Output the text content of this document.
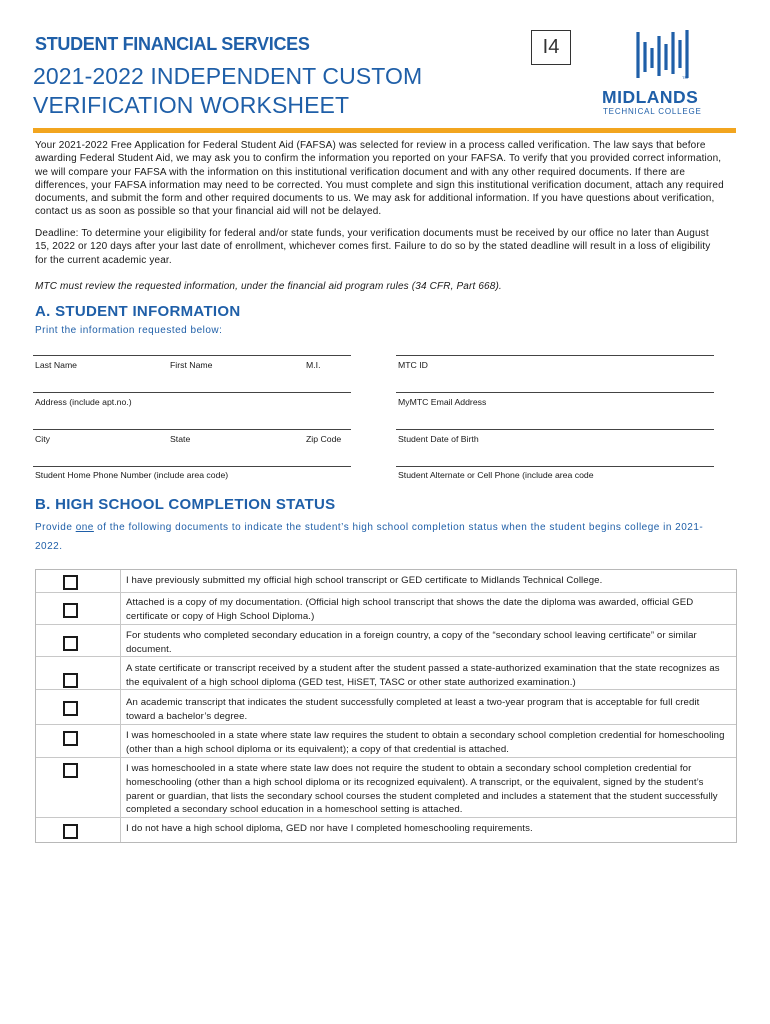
STUDENT FINANCIAL SERVICES	I4
2021-2022 INDEPENDENT CUSTOM VERIFICATION WORKSHEET
TM
MIDLANDS
TECHNICAL COLLEGE

Your 2021-2022 Free Application for Federal Student Aid (FAFSA) was selected for review in a process called verification. The law says that before awarding Federal Student Aid, we may ask you to confirm the information you reported on your FAFSA. To verify that you provided correct information, we will compare your FAFSA with the information on this institutional verification document and with any other required documents. If there are differences, your FAFSA information may need to be corrected. You must complete and sign this institutional verification document, attach any required documents, and submit the form and other required documents to us. We may ask for additional information. If you have questions about verification, contact us as soon as possible so that your financial aid will not be delayed.

Deadline: To determine your eligibility for federal and/or state funds, your verification documents must be received by our office no later than August 15, 2022 or 120 days after your last date of enrollment, whichever comes first. Failure to do so by the stated deadline will result in a loss of eligibility for the current academic year.

MTC must review the requested information, under the financial aid program rules (34 CFR, Part 668).

A. STUDENT INFORMATION
Print the information requested below:
Last Name	First Name	M.I.	MTC ID
Address (include apt.no.)	MyMTC Email Address
City	State	Zip Code	Student Date of Birth
Student Home Phone Number (include area code)	Student Alternate or Cell Phone (include area code
B. HIGH SCHOOL COMPLETION STATUS
Provide one of the following documents to indicate the student’s high school completion status when the student begins college in 2021-2022.
I have previously submitted my official high school transcript or GED certificate to Midlands Technical College.
Attached is a copy of my documentation. (Official high school transcript that shows the date the diploma was awarded, official GED certificate or copy of High School Diploma.)
For students who completed secondary education in a foreign country, a copy of the “secondary school leaving certificate” or similar document.
A state certificate or transcript received by a student after the student passed a state-authorized examination that the state recognizes as the equivalent of a high school diploma (GED test, HiSET, TASC or other state authorized examination.)
An academic transcript that indicates the student successfully completed at least a two-year program that is acceptable for full credit toward a bachelor’s degree.
I was homeschooled in a state where state law requires the student to obtain a secondary school completion credential for homeschooling (other than a high school diploma or its equivalent); a copy of that credential is attached.
I was homeschooled in a state where state law does not require the student to obtain a secondary school completion credential for homeschooling (other than a high school diploma or its recognized equivalent). A transcript, or the equivalent, signed by the student’s parent or guardian, that lists the secondary school courses the student completed and includes a statement that the student successfully completed a secondary school education in a homeschool setting is attached.
I do not have a high school diploma, GED nor have I completed homeschooling requirements.
